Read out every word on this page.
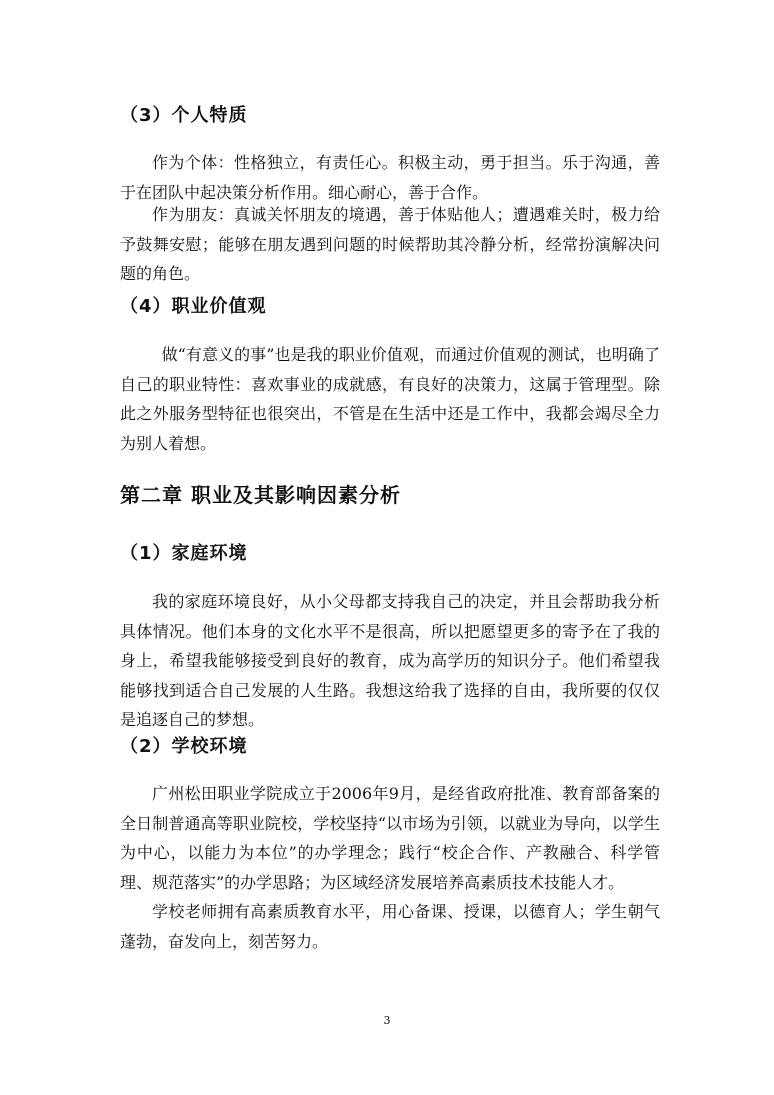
（3）个人特质

作为个体：性格独立，有责任心。积极主动，勇于担当。乐于沟通，善于在团队中起决策分析作用。细心耐心，善于合作。

作为朋友：真诚关怀朋友的境遇，善于体贴他人；遭遇难关时，极力给予鼓舞安慰；能够在朋友遇到问题的时候帮助其冷静分析，经常扮演解决问题的角色。

（4）职业价值观

做“有意义的事”也是我的职业价值观，而通过价值观的测试，也明确了自己的职业特性：喜欢事业的成就感，有良好的决策力，这属于管理型。除此之外服务型特征也很突出，不管是在生活中还是工作中，我都会竭尽全力为别人着想。

第二章 职业及其影响因素分析
（1）家庭环境

我的家庭环境良好，从小父母都支持我自己的决定，并且会帮助我分析具体情况。他们本身的文化水平不是很高，所以把愿望更多的寄予在了我的身上，希望我能够接受到良好的教育，成为高学历的知识分子。他们希望我能够找到适合自己发展的人生路。我想这给我了选择的自由，我所要的仅仅是追逐自己的梦想。

（2）学校环境

广州松田职业学院成立于2006年9月，是经省政府批准、教育部备案的全日制普通高等职业院校，学校坚持“以市场为引领，以就业为导向，以学生为中心，以能力为本位”的办学理念；践行“校企合作、产教融合、科学管理、规范落实”的办学思路；为区域经济发展培养高素质技术技能人才。

学校老师拥有高素质教育水平，用心备课、授课，以德育人；学生朝气蓬勃，奋发向上，刻苦努力。

3
